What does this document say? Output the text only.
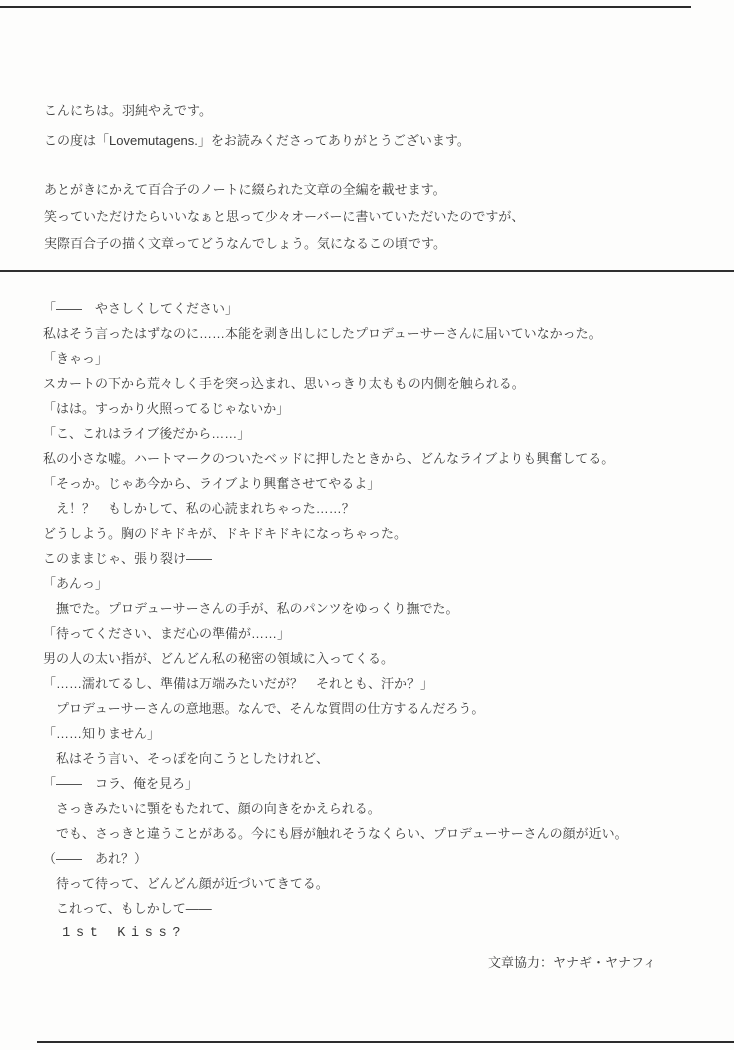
こんにちは。羽純やえです。
この度は「Lovemutagens.」をお読みくださってありがとうございます。

あとがきにかえて百合子のノートに綴られた文章の全編を載せます。
笑っていただけたらいいなぁと思って少々オーバーに書いていただいたのですが、
実際百合子の描く文章ってどうなんでしょう。気になるこの頃です。

「――　やさしくしてください」
私はそう言ったはずなのに……本能を剥き出しにしたプロデューサーさんに届いていなかった。
「きゃっ」
スカートの下から荒々しく手を突っ込まれ、思いっきり太ももの内側を触られる。
「はは。すっかり火照ってるじゃないか」
「こ、これはライブ後だから……」
私の小さな嘘。ハートマークのついたベッドに押したときから、どんなライブよりも興奮してる。
「そっか。じゃあ今から、ライブより興奮させてやるよ」
　え！？　もしかして、私の心読まれちゃった……？
どうしよう。胸のドキドキが、ドキドキドキになっちゃった。
このままじゃ、張り裂け――
「あんっ」
　撫でた。プロデューサーさんの手が、私のパンツをゆっくり撫でた。
「待ってください、まだ心の準備が……」
男の人の太い指が、どんどん私の秘密の領域に入ってくる。
「……濡れてるし、準備は万端みたいだが？　それとも、汗か？」
　プロデューサーさんの意地悪。なんで、そんな質問の仕方するんだろう。
「……知りません」
　私はそう言い、そっぽを向こうとしたけれど、
「――　コラ、俺を見ろ」
　さっきみたいに顎をもたれて、顔の向きをかえられる。
　でも、さっきと違うことがある。今にも唇が触れそうなくらい、プロデューサーさんの顔が近い。
（――　あれ？）
　待って待って、どんどん顔が近づいてきてる。
　これって、もしかして――
　1st Kiss?
文章協力：ヤナギ・ヤナフィ
